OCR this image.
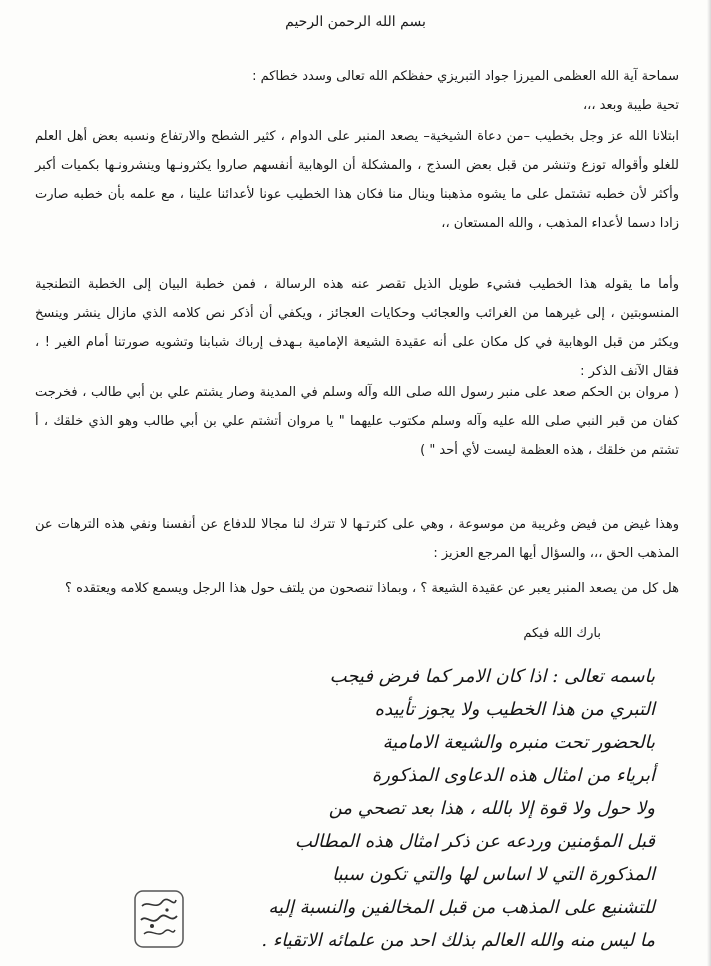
بسم الله الرحمن الرحيم
سماحة آية الله العظمى الميرزا جواد التبريزي حفظكم الله تعالى وسدد خطاكم :
تحية طيبة وبعد ،،،
ابتلانا الله عز وجل بخطيب –من دعاة الشيخية– يصعد المنبر على الدوام ، كثير الشطح والارتفاع ونسبه بعض أهل العلم للغلو وأقواله توزع وتنشر من قبل بعض السذج ، والمشكلة أن الوهابية أنفسهم صاروا يكثرونـها وينشرونـها بكميات أكبر وأكثر لأن خطبه تشتمل على ما يشوه مذهبنا وينال منا فكان هذا الخطيب عونا لأعدائنا علينا ، مع علمه بأن خطبه صارت زادا دسما لأعداء المذهب ، والله المستعان ،،
وأما ما يقوله هذا الخطيب فشيء طويل الذيل تقصر عنه هذه الرسالة ، فمن خطبة البيان إلى الخطبة التطنجية المنسوبتين ، إلى غيرهما من الغرائب والعجائب وحكايات العجائز ، ويكفي أن أذكر نص كلامه الذي مازال ينشر وينسخ ويكثر من قبل الوهابية في كل مكان على أنه عقيدة الشيعة الإمامية بـهدف إرباك شبابنا وتشويه صورتنا أمام الغير ! ، فقال الآنف الذكر :
( مروان بن الحكم صعد على منبر رسول الله صلى الله وآله وسلم في المدينة وصار يشتم علي بن أبي طالب ، فخرجت كفان من قبر النبي صلى الله عليه وآله وسلم مكتوب عليهما " يا مروان أتشتم علي بن أبي طالب وهو الذي خلقك ، أ تشتم من خلقك ، هذه العظمة ليست لأي أحد " )
وهذا غيض من فيض وغريبة من موسوعة ، وهي على كثرتـها لا تترك لنا مجالا للدفاع عن أنفسنا ونفي هذه الترهات عن المذهب الحق ،،، والسؤال أيها المرجع العزيز :
هل كل من يصعد المنبر يعبر عن عقيدة الشيعة ؟ ، وبماذا تنصحون من يلتف حول هذا الرجل ويسمع كلامه ويعتقده ؟
بارك الله فيكم
باسمه تعالى : اذا كان الامر كما فرض فيجب
التبري من هذا الخطيب ولا يجوز تأييده
بالحضور تحت منبره والشيعة الامامية
أبرياء من امثال هذه الدعاوى المذكورة
ولا حول ولا قوة إلا بالله ، هذا بعد تصحي من
قبل المؤمنين وردعه عن ذكر امثال هذه المطالب
المذكورة التي لا اساس لها والتي تكون سببا
للتشنيع على المذهب من قبل المخالفين والنسبة إليه
ما ليس منه والله العالم بذلك احد من علمائه الاتقياء .
